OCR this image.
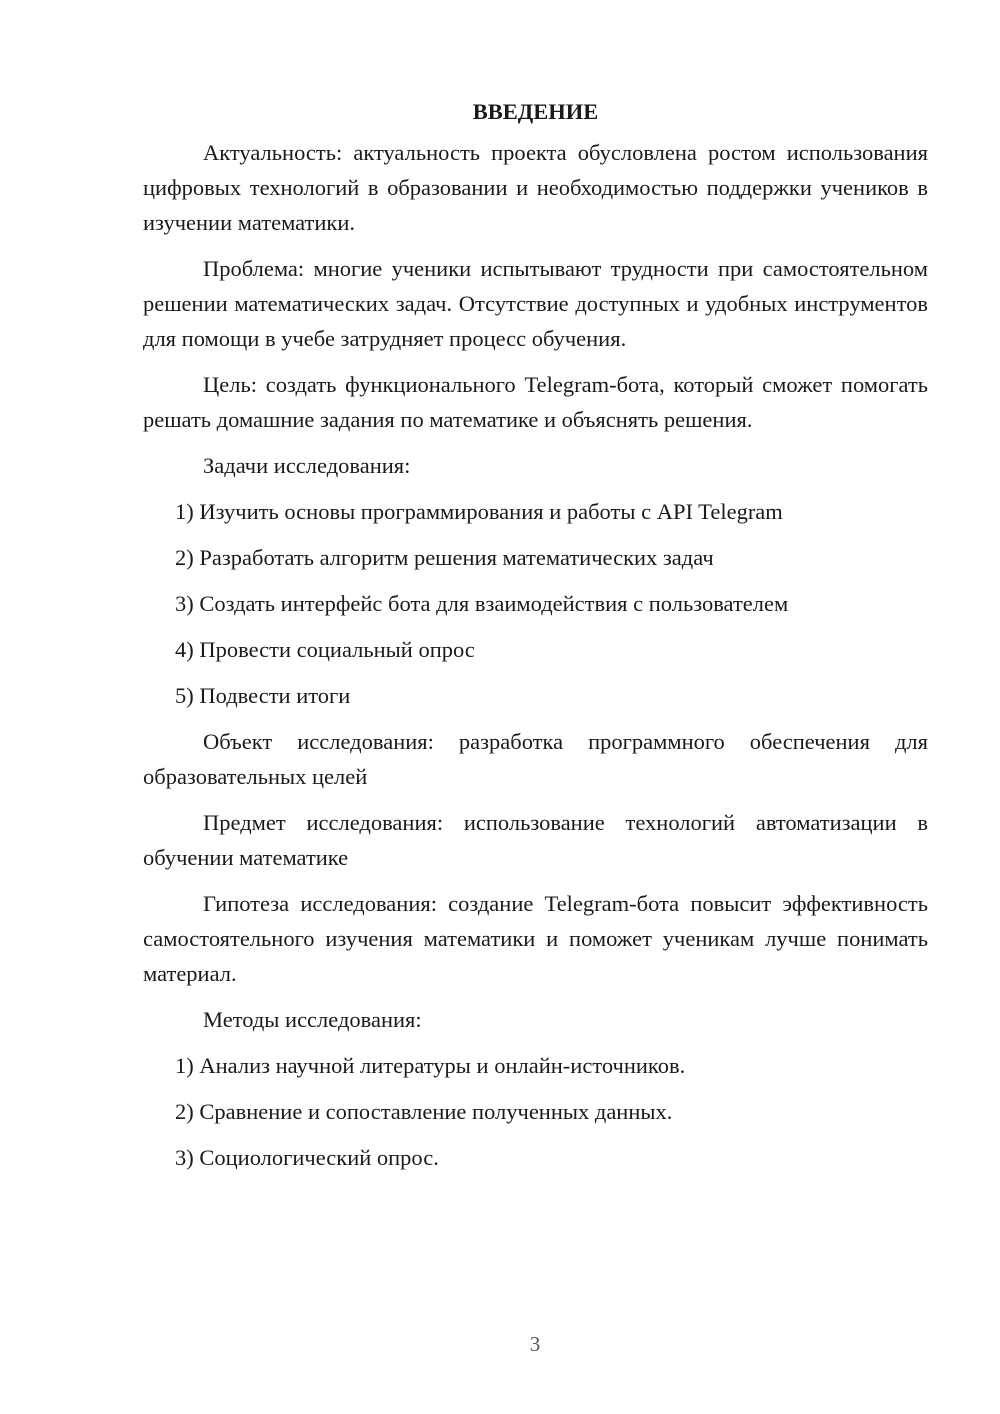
ВВЕДЕНИЕ

Актуальность: актуальность проекта обусловлена ростом использования цифровых технологий в образовании и необходимостью поддержки учеников в изучении математики.

Проблема: многие ученики испытывают трудности при самостоятельном решении математических задач. Отсутствие доступных и удобных инструментов для помощи в учебе затрудняет процесс обучения.

Цель: создать функционального Telegram-бота, который сможет помогать решать домашние задания по математике и объяснять решения.

Задачи исследования:

1) Изучить основы программирования и работы с API Telegram

2) Разработать алгоритм решения математических задач

3) Создать интерфейс бота для взаимодействия с пользователем

4) Провести социальный опрос

5) Подвести итоги

Объект исследования: разработка программного обеспечения для образовательных целей

Предмет исследования: использование технологий автоматизации в обучении математике

Гипотеза исследования: создание Telegram-бота повысит эффективность самостоятельного изучения математики и поможет ученикам лучше понимать материал.

Методы исследования:

1) Анализ научной литературы и онлайн-источников.

2) Сравнение и сопоставление полученных данных.

3) Социологический опрос.

3
